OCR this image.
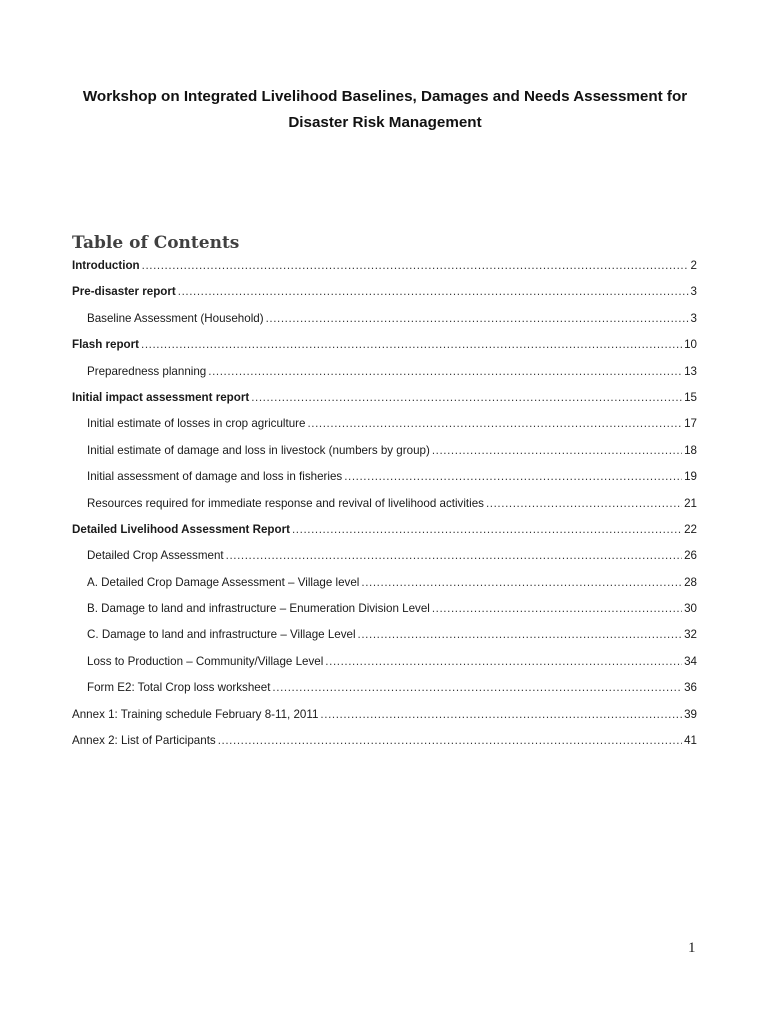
Workshop on Integrated Livelihood Baselines, Damages and Needs Assessment for
Disaster Risk Management
Table of Contents
Introduction .....	2
Pre-disaster report .....	3
Baseline Assessment (Household) .....	3
Flash report .....	10
Preparedness planning .....	13
Initial impact assessment report .....	15
Initial estimate of losses in crop agriculture .....	17
Initial estimate of damage and loss in livestock (numbers by group) .....	18
Initial assessment of damage and loss in fisheries .....	19
Resources required for immediate response and revival of livelihood activities .....	21
Detailed Livelihood Assessment Report .....	22
Detailed Crop Assessment .....	26
A. Detailed Crop Damage Assessment – Village level .....	28
B. Damage to land and infrastructure – Enumeration Division Level .....	30
C. Damage to land and infrastructure – Village Level .....	32
Loss to Production – Community/Village Level .....	34
Form E2: Total Crop loss worksheet .....	36
Annex 1: Training schedule February 8-11, 2011 .....	39
Annex 2: List of Participants .....	41
1
